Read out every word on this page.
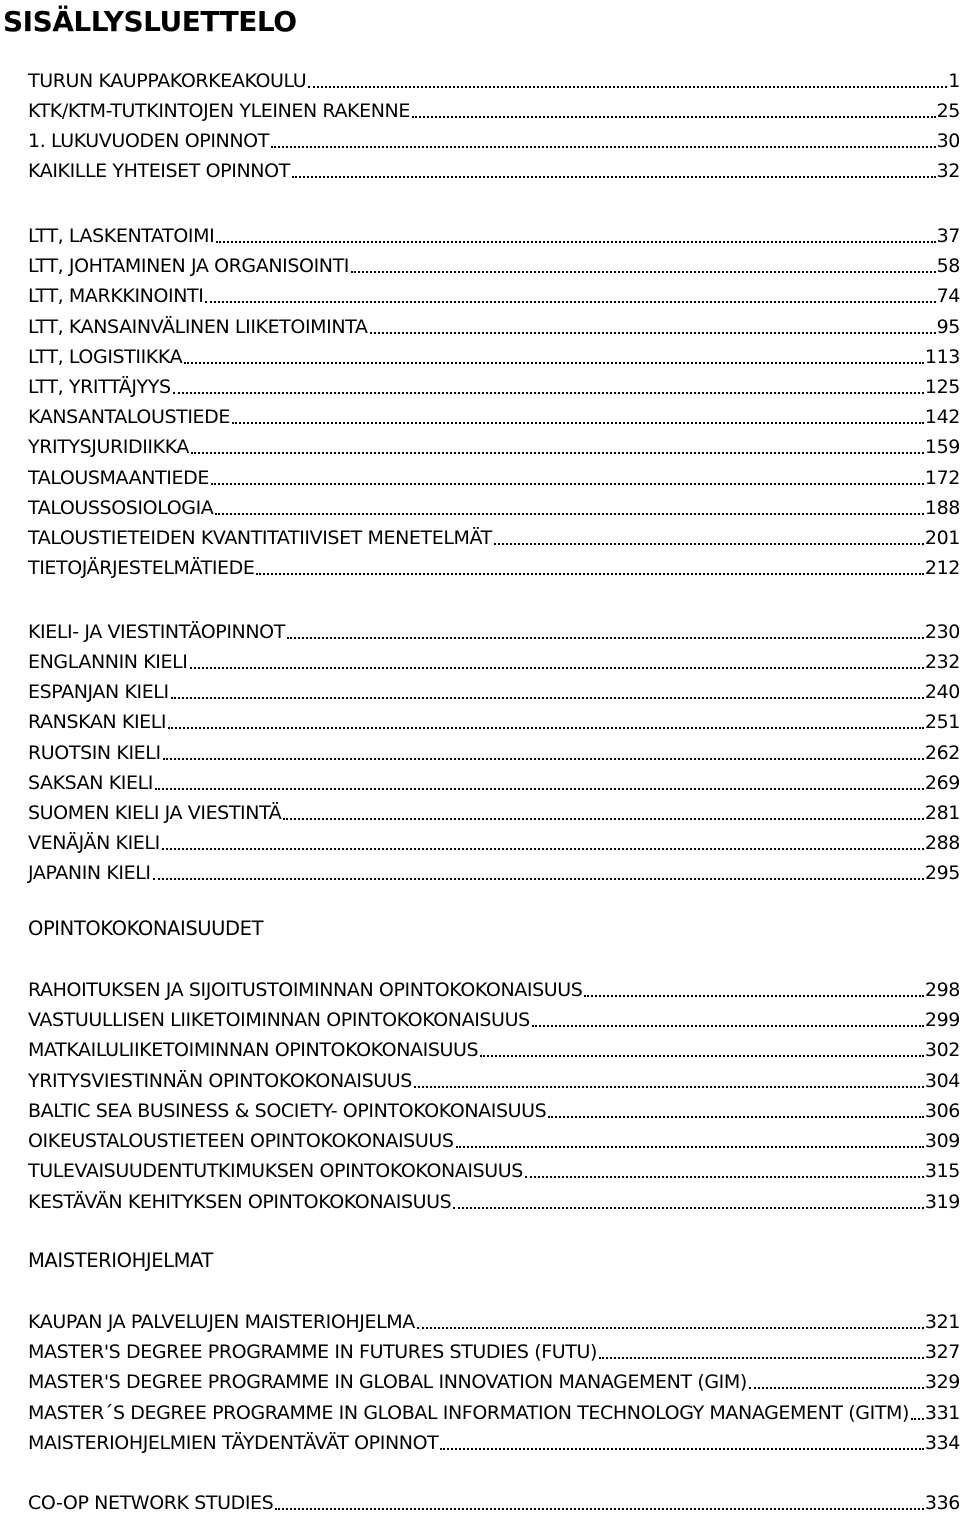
SISÄLLYSLUETTELO
TURUN KAUPPAKORKEAKOULU	1
KTK/KTM-TUTKINTOJEN YLEINEN RAKENNE	25
1. LUKUVUODEN OPINNOT	30
KAIKILLE YHTEISET OPINNOT	32
LTT, LASKENTATOIMI	37
LTT, JOHTAMINEN JA ORGANISOINTI	58
LTT, MARKKINOINTI	74
LTT, KANSAINVÄLINEN LIIKETOIMINTA	95
LTT, LOGISTIIKKA	113
LTT, YRITTÄJYYS	125
KANSANTALOUSTIEDE	142
YRITYSJURIDIIKKA	159
TALOUSMAANTIEDE	172
TALOUSSOSIOLOGIA	188
TALOUSTIETEIDEN KVANTITATIIVISET MENETELMÄT	201
TIETOJÄRJESTELMÄTIEDE	212
KIELI- JA VIESTINTÄOPINNOT	230
ENGLANNIN KIELI	232
ESPANJAN KIELI	240
RANSKAN KIELI	251
RUOTSIN KIELI	262
SAKSAN KIELI	269
SUOMEN KIELI JA VIESTINTÄ	281
VENÄJÄN KIELI	288
JAPANIN KIELI	295
RAHOITUKSEN JA SIJOITUSTOIMINNAN OPINTOKOKONAISUUS	298
VASTUULLISEN LIIKETOIMINNAN OPINTOKOKONAISUUS	299
MATKAILULIIKETOIMINNAN OPINTOKOKONAISUUS	302
YRITYSVIESTINNÄN OPINTOKOKONAISUUS	304
BALTIC SEA BUSINESS & SOCIETY- OPINTOKOKONAISUUS	306
OIKEUSTALOUSTIETEEN OPINTOKOKONAISUUS	309
TULEVAISUUDENTUTKIMUKSEN OPINTOKOKONAISUUS	315
KESTÄVÄN KEHITYKSEN OPINTOKOKONAISUUS	319
KAUPAN JA PALVELUJEN MAISTERIOHJELMA	321
MASTER'S DEGREE PROGRAMME IN FUTURES STUDIES (FUTU)	327
MASTER'S DEGREE PROGRAMME IN GLOBAL INNOVATION MANAGEMENT (GIM)	329
MASTER´S DEGREE PROGRAMME IN GLOBAL INFORMATION TECHNOLOGY MANAGEMENT (GITM) 331
MAISTERIOHJELMIEN TÄYDENTÄVÄT OPINNOT	334
CO-OP NETWORK STUDIES	336
OPINTOKOKONAISUUDET
MAISTERIOHJELMAT
